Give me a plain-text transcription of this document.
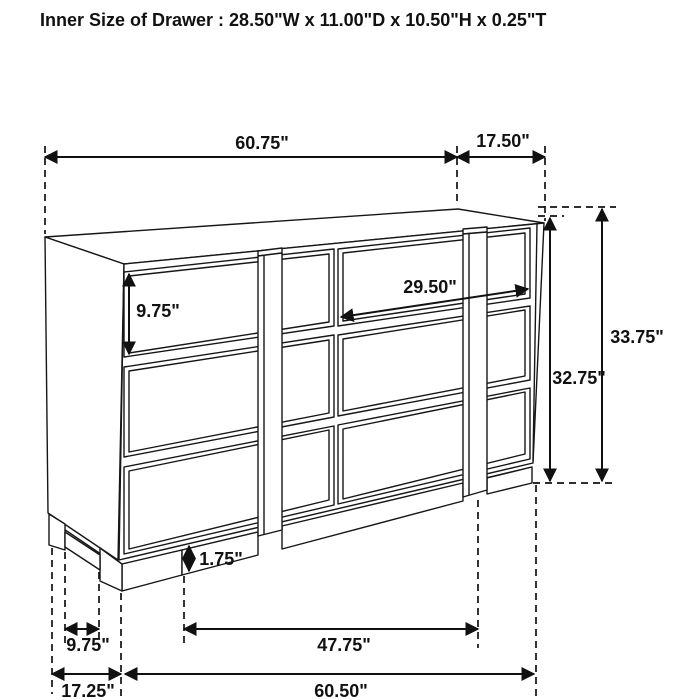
Inner Size of Drawer : 28.50"W x 11.00"D x 10.50"H x 0.25"T
60.75"	17.50"
9.75"
29.50"
33.75"
32.75"
1.75"
9.75"	47.75"
17.25"	60.50"
